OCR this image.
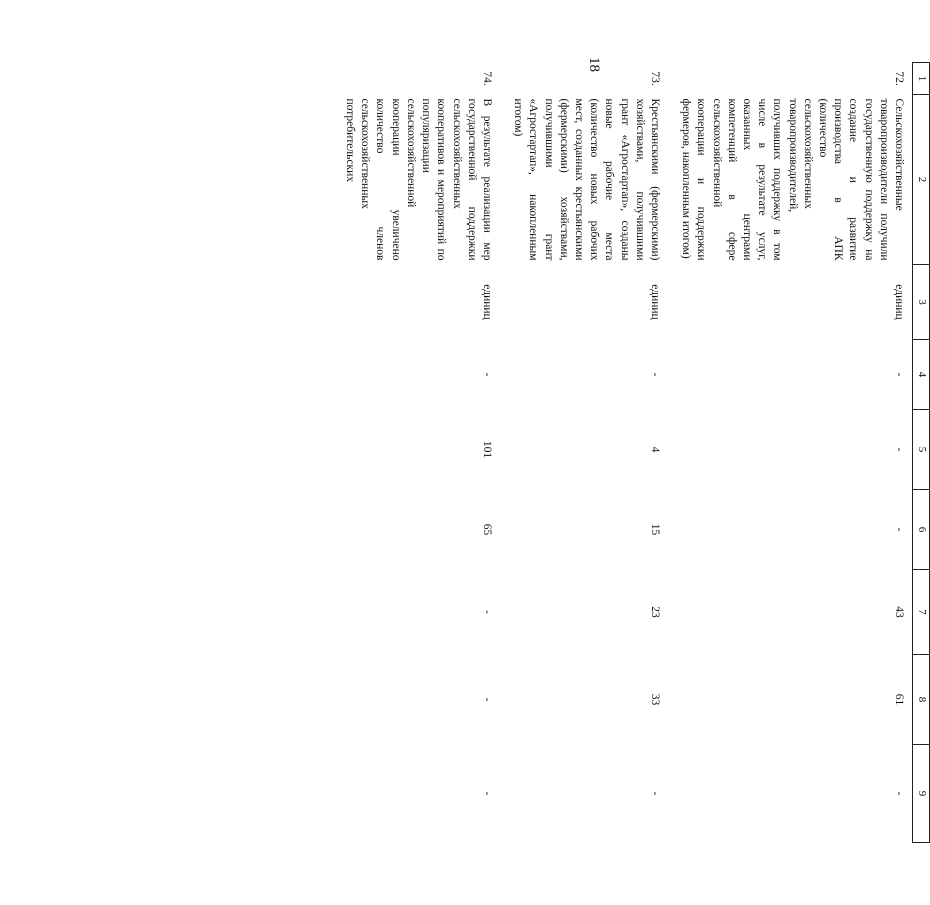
18
1	2	3	4	5	6	7	8	9
72.	Сельскохозяйственные товаропроизводители получили государственную поддержку на создание и развитие производства в АПК (количество сельскохозяйственных товаропроизводителей, получивших поддержку в том числе в результате услуг, оказанных центрами компетенций в сфере сельскохозяйственной кооперации и поддержки фермеров, накопленным итогом)	единиц	-	-	-	43	61	-
73.	Крестьянскими (фермерскими) хозяйствами, получившими грант «Агростартап», созданы новые рабочие места (количество новых рабочих мест, созданных крестьянскими (фермерскими) хозяйствами, получившими грант «Агростартап», накопленным итогом)	единиц	-	4	15	23	33	-
74.	В результате реализации мер государственной поддержки сельскохозяйственных кооперативов и мероприятий по популяризации сельскохозяйственной кооперации увеличено количество членов сельскохозяйственных потребительских	единиц	-	101	65	-	-	-
